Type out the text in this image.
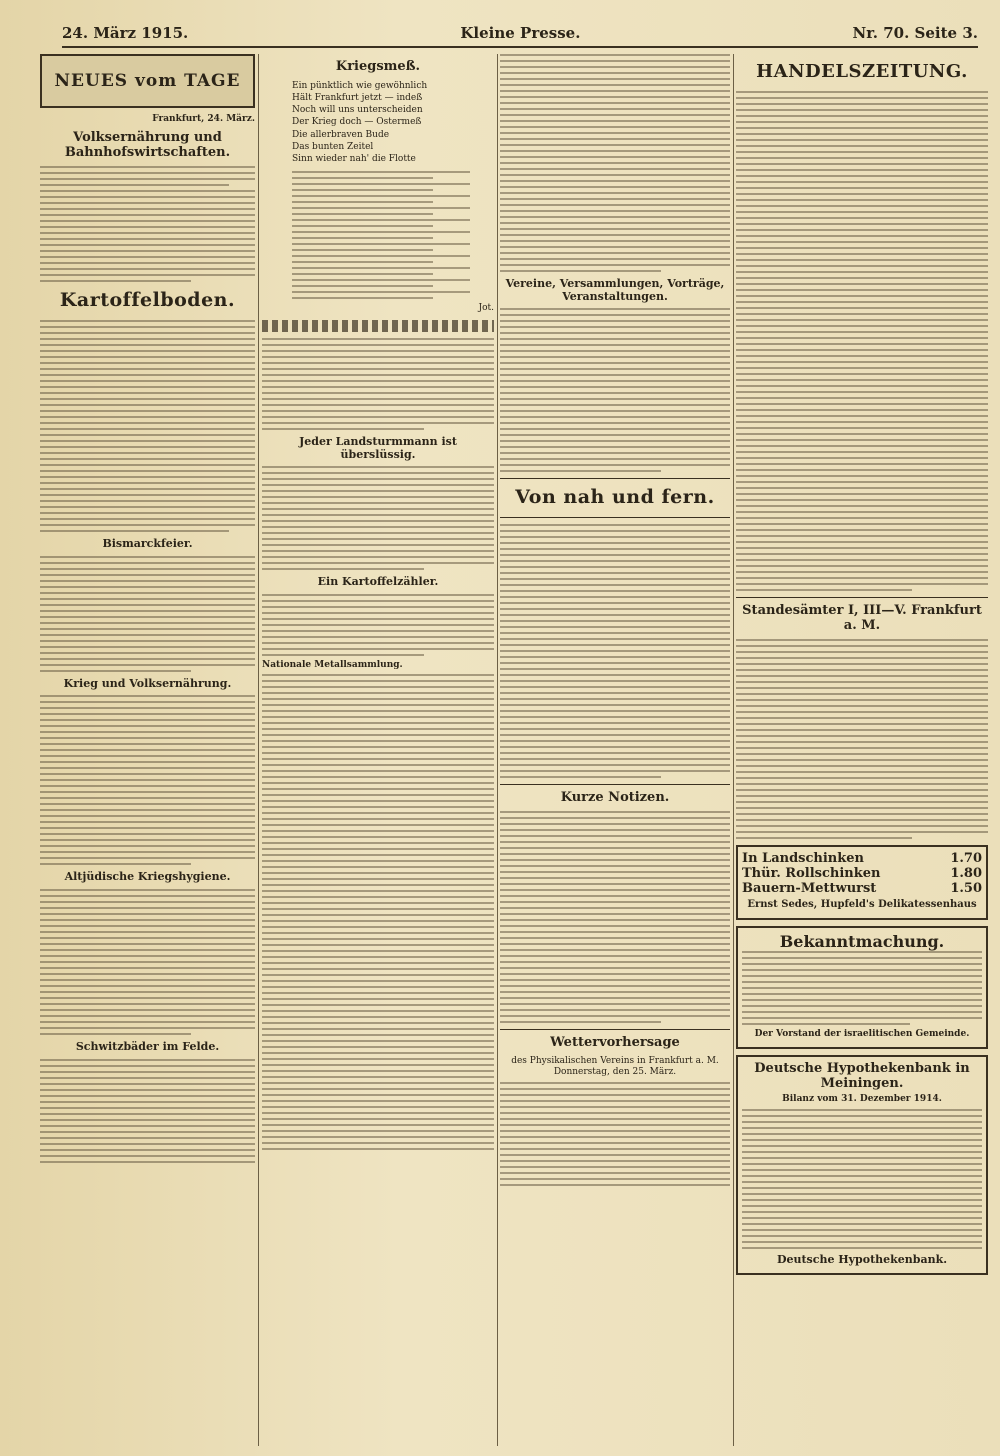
24. März 1915.	Kleine Presse.	Nr. 70. Seite 3.
NEUES vom TAGE
Frankfurt, 24. März.
Volksernährung und Bahnhofswirtschaften.
Kartoffelboden.
Bismarckfeier.
Krieg und Volksernährung.
Altjüdische Kriegshygiene.
Schwitzbäder im Felde.
Kriegsmeß.
Ein pünktlich wie gewöhnlich
Hält Frankfurt jetzt — indeß
Noch will uns unterscheiden
Der Krieg doch — Ostermeß
Die allerbraven Bude
Das bunten Zeitel
Sinn wieder nah' die Flotte
Jot.
Jeder Landsturmmann ist überslüssig.
Ein Kartoffelzähler.
Nationale Metallsammlung.
Vereine, Versammlungen, Vorträge, Veranstaltungen.
Von nah und fern.
Kurze Notizen.
Wettervorhersage
des Physikalischen Vereins in Frankfurt a. M. Donnerstag, den 25. März.
HANDELSZEITUNG.
Standesämter I, III—V. Frankfurt a. M.
In Landschinken	1.70
Thür. Rollschinken	1.80
Bauern-Mettwurst	1.50
Ernst Sedes, Hupfeld's Delikatessenhaus
Bekanntmachung.
Der Vorstand der israelitischen Gemeinde.
Deutsche Hypothekenbank in Meiningen.
Bilanz vom 31. Dezember 1914.
Deutsche Hypothekenbank.
